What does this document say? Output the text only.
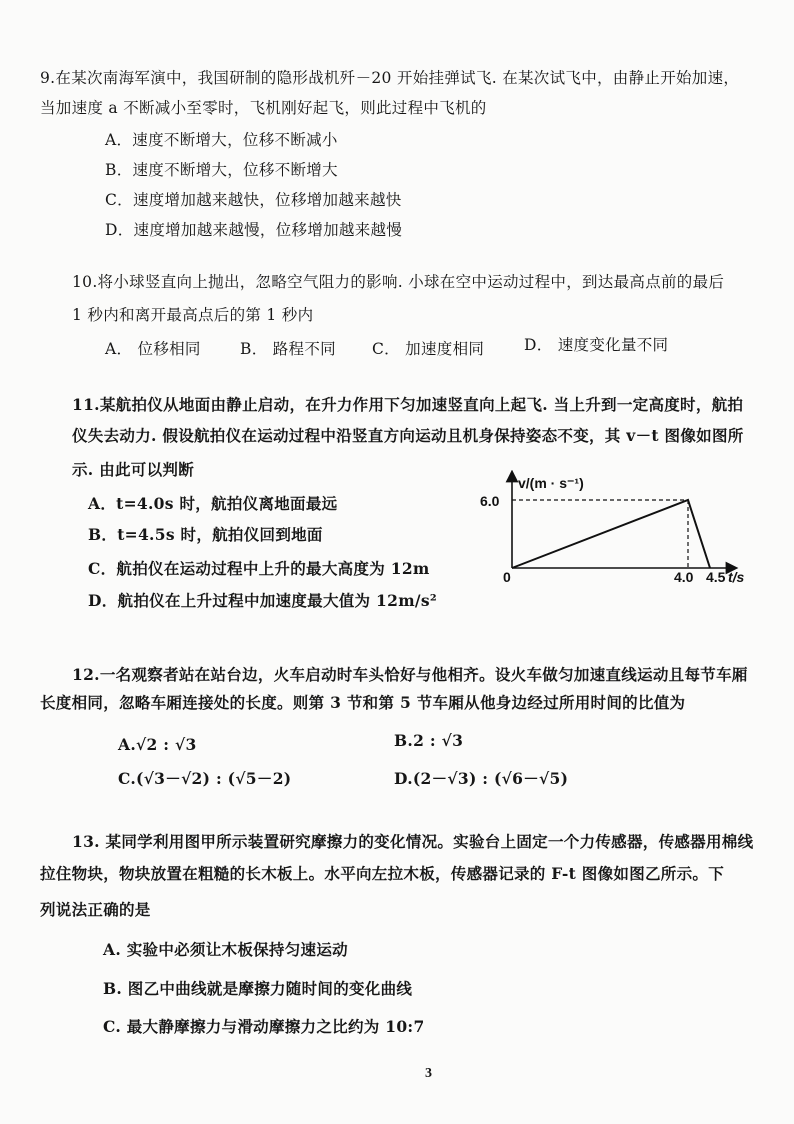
9.在某次南海军演中，我国研制的隐形战机歼－20 开始挂弹试飞. 在某次试飞中，由静止开始加速，
当加速度 a 不断减小至零时，飞机刚好起飞，则此过程中飞机的
A．速度不断增大，位移不断减小
B．速度不断增大，位移不断增大
C．速度增加越来越快，位移增加越来越快
D．速度增加越来越慢，位移增加越来越慢
10.将小球竖直向上抛出，忽略空气阻力的影响. 小球在空中运动过程中，到达最高点前的最后
1 秒内和离开最高点后的第 1 秒内
A． 位移相同	B． 路程不同 C． 加速度相同	D． 速度变化量不同
11.某航拍仪从地面由静止启动，在升力作用下匀加速竖直向上起飞. 当上升到一定高度时，航拍
仪失去动力. 假设航拍仪在运动过程中沿竖直方向运动且机身保持姿态不变，其 v－t 图像如图所
示. 由此可以判断
A．t=4.0s 时，航拍仪离地面最远
B．t=4.5s 时，航拍仪回到地面
C．航拍仪在运动过程中上升的最大高度为 12m
D．航拍仪在上升过程中加速度最大值为 12m/s²
v/(m · s⁻¹)
6.0
0	4.0 4.5 t/s
12.一名观察者站在站台边，火车启动时车头恰好与他相齐。设火车做匀加速直线运动且每节车厢
长度相同，忽略车厢连接处的长度。则第 3 节和第 5 节车厢从他身边经过所用时间的比值为
A.√2 : √3	B.2 : √3
C.(√3－√2) : (√5－2)	D.(2－√3) : (√6－√5)
13. 某同学利用图甲所示装置研究摩擦力的变化情况。实验台上固定一个力传感器，传感器用棉线
拉住物块，物块放置在粗糙的长木板上。水平向左拉木板，传感器记录的 F-t 图像如图乙所示。下
列说法正确的是
A. 实验中必须让木板保持匀速运动
B. 图乙中曲线就是摩擦力随时间的变化曲线
C. 最大静摩擦力与滑动摩擦力之比约为 10:7
3
